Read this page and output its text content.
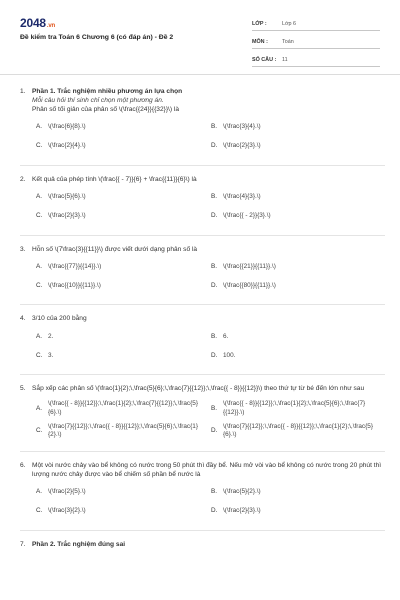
2048.vn
Đề kiểm tra Toán 6 Chương 6 (có đáp án) - Đề 2
LỚP :	Lớp 6
MÔN :	Toán
SỐ CÂU :	11
1. Phần 1. Trắc nghiệm nhiều phương án lựa chọn
Mỗi câu hỏi thí sinh chỉ chọn một phương án.
Phân số tối giản của phân số \(\frac{{24}}{{32}}\) là
A. \(\frac{6}{8}.\)	B. \(\frac{3}{4}.\)
C. \(\frac{2}{4}.\)	D. \(\frac{2}{3}.\)
2. Kết quả của phép tính \(\frac{{ - 7}}{6} + \frac{{11}}{6}\) là
A. \(\frac{5}{6}.\)	B. \(\frac{4}{3}.\)
C. \(\frac{2}{3}.\)	D. \(\frac{{ - 2}}{3}.\)
3. Hỗn số \(7\frac{3}{{11}}\) được viết dưới dạng phân số là
A. \(\frac{{77}}{{14}}.\)	B. \(\frac{{21}}{{11}}.\)
C. \(\frac{{10}}{{11}}.\)	D. \(\frac{{80}}{{11}}.\)
4. 3/10 của 200 bằng
A. 2.	B. 6.
C. 3.	D. 100.
5. Sắp xếp các phân số \(\frac{1}{2};\,\frac{5}{6};\,\frac{7}{{12}};\,\frac{{ - 8}}{{12}}\) theo thứ tự từ bé đến lớn như sau
A.
\(\frac{{ - 8}}{{12}};\,\frac{1}{2};\,\frac{7}{{12}};\,\frac{5}{6}.\)
B.
\(\frac{{ - 8}}{{12}};\,\frac{1}{2};\,\frac{5}{6};\,\frac{7}{{12}}.\)
C.
\(\frac{7}{{12}};\,\frac{{ - 8}}{{12}};\,\frac{5}{6};\,\frac{1}{2}.\)
D.
\(\frac{7}{{12}};\,\frac{{ - 8}}{{12}};\,\frac{1}{2};\,\frac{5}{6}.\)
6. Một vòi nước chảy vào bể không có nước trong 50 phút thì đầy bể. Nếu mở vòi vào bể không có nước trong 20 phút thì lượng nước chảy được vào bể chiếm số phần bể nước là
A. \(\frac{2}{5}.\)	B. \(\frac{5}{2}.\)
C. \(\frac{3}{2}.\)	D. \(\frac{2}{3}.\)
7. Phần 2. Trắc nghiệm đúng sai
